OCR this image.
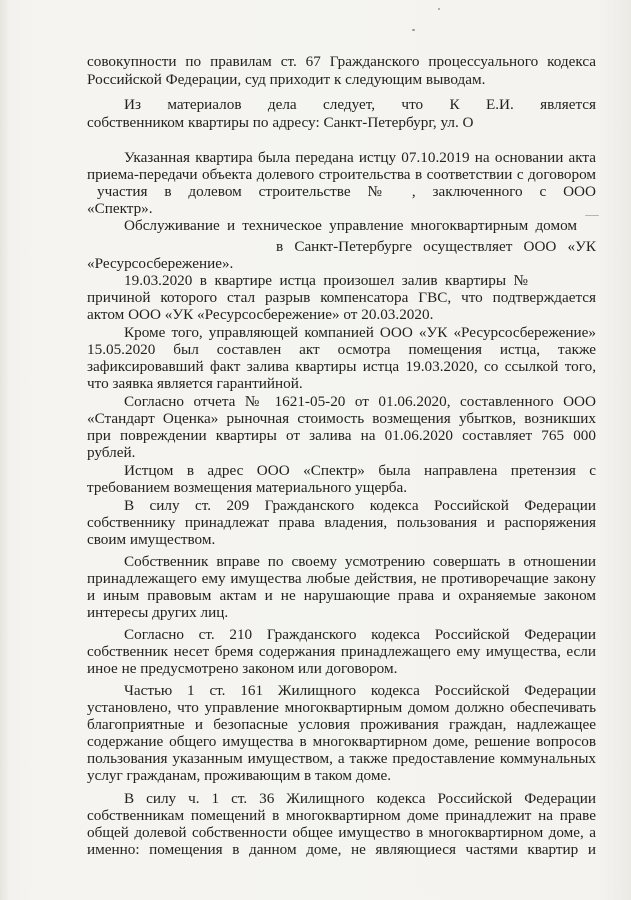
совокупности по правилам ст. 67 Гражданского процессуального кодекса
Российской Федерации, суд приходит к следующим выводам.
Из материалов дела следует, что К Е.И. является
собственником квартиры по адресу: Санкт-Петербург, ул. О
Указанная квартира была передана истцу 07.10.2019 на основании акта
приема-передачи объекта долевого строительства в соответствии с договором
участия в долевом строительстве № , заключенного с ООО
«Спектр».
Обслуживание и техническое управление многоквартирным домом
в Санкт-Петербурге осуществляет ООО «УК
«Ресурсосбережение».
19.03.2020 в квартире истца произошел залив квартиры №
причиной которого стал разрыв компенсатора ГВС, что подтверждается
актом ООО «УК «Ресурсосбережение» от 20.03.2020.
Кроме того, управляющей компанией ООО «УК «Ресурсосбережение»
15.05.2020 был составлен акт осмотра помещения истца, также
зафиксировавший факт залива квартиры истца 19.03.2020, со ссылкой того,
что заявка является гарантийной.
Согласно отчета № 1621-05-20 от 01.06.2020, составленного ООО
«Стандарт Оценка» рыночная стоимость возмещения убытков, возникших
при повреждении квартиры от залива на 01.06.2020 составляет 765 000
рублей.
Истцом в адрес ООО «Спектр» была направлена претензия с
требованием возмещения материального ущерба.
В силу ст. 209 Гражданского кодекса Российской Федерации
собственнику принадлежат права владения, пользования и распоряжения
своим имуществом.
Собственник вправе по своему усмотрению совершать в отношении
принадлежащего ему имущества любые действия, не противоречащие закону
и иным правовым актам и не нарушающие права и охраняемые законом
интересы других лиц.
Согласно ст. 210 Гражданского кодекса Российской Федерации
собственник несет бремя содержания принадлежащего ему имущества, если
иное не предусмотрено законом или договором.
Частью 1 ст. 161 Жилищного кодекса Российской Федерации
установлено, что управление многоквартирным домом должно обеспечивать
благоприятные и безопасные условия проживания граждан, надлежащее
содержание общего имущества в многоквартирном доме, решение вопросов
пользования указанным имуществом, а также предоставление коммунальных
услуг гражданам, проживающим в таком доме.
В силу ч. 1 ст. 36 Жилищного кодекса Российской Федерации
собственникам помещений в многоквартирном доме принадлежит на праве
общей долевой собственности общее имущество в многоквартирном доме, а
именно: помещения в данном доме, не являющиеся частями квартир и
